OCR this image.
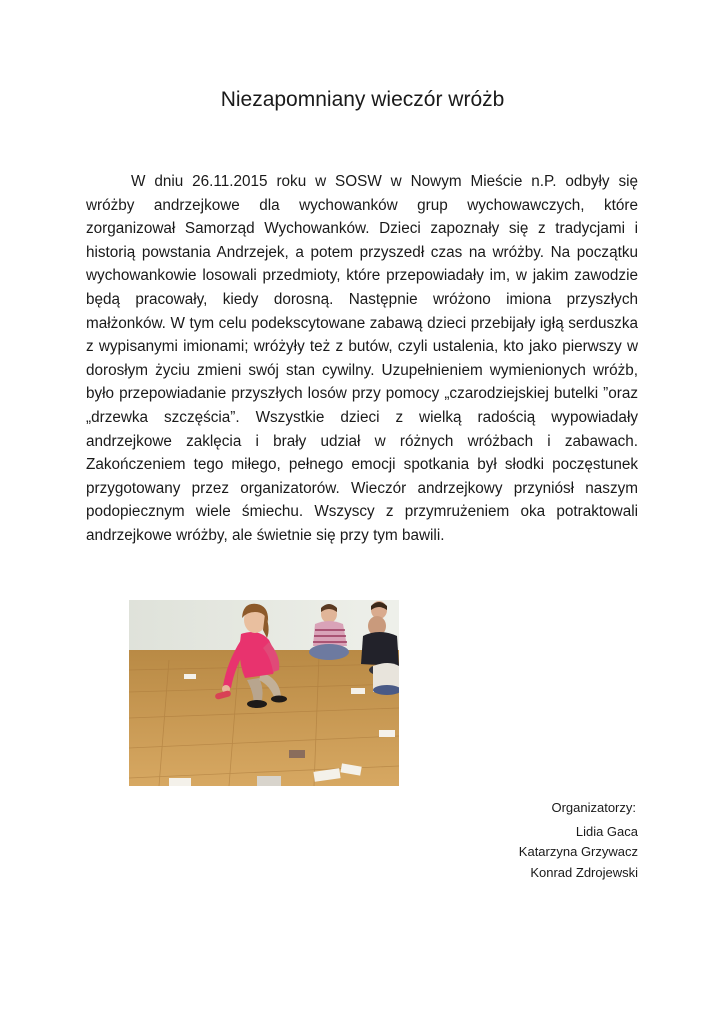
Niezapomniany wieczór wróżb

W dniu 26.11.2015 roku w SOSW w Nowym Mieście n.P. odbyły się wróżby andrzejkowe dla wychowanków grup wychowawczych, które zorganizował Samorząd Wychowanków. Dzieci zapoznały się z tradycjami i historią powstania Andrzejek, a potem przyszedł czas na wróżby. Na początku wychowankowie losowali przedmioty, które przepowiadały im, w jakim zawodzie będą pracowały, kiedy dorosną. Następnie wróżono imiona przyszłych małżonków. W tym celu podekscytowane zabawą dzieci przebijały igłą serduszka z wypisanymi imionami; wróżyły też z butów, czyli ustalenia, kto jako pierwszy w dorosłym życiu zmieni swój stan cywilny. Uzupełnieniem wymienionych wróżb, było przepowiadanie przyszłych losów przy pomocy „czarodziejskiej butelki ”oraz „drzewka szczęścia”. Wszystkie dzieci z wielką radością wypowiadały andrzejkowe zaklęcia i brały udział w różnych wróżbach i zabawach. Zakończeniem tego miłego, pełnego emocji spotkania był słodki poczęstunek przygotowany przez organizatorów. Wieczór andrzejkowy przyniósł naszym podopiecznym wiele śmiechu. Wszyscy z przymrużeniem oka potraktowali andrzejkowe wróżby, ale świetnie się przy tym bawili.

Organizatorzy:
Lidia Gaca
Katarzyna Grzywacz
Konrad Zdrojewski
